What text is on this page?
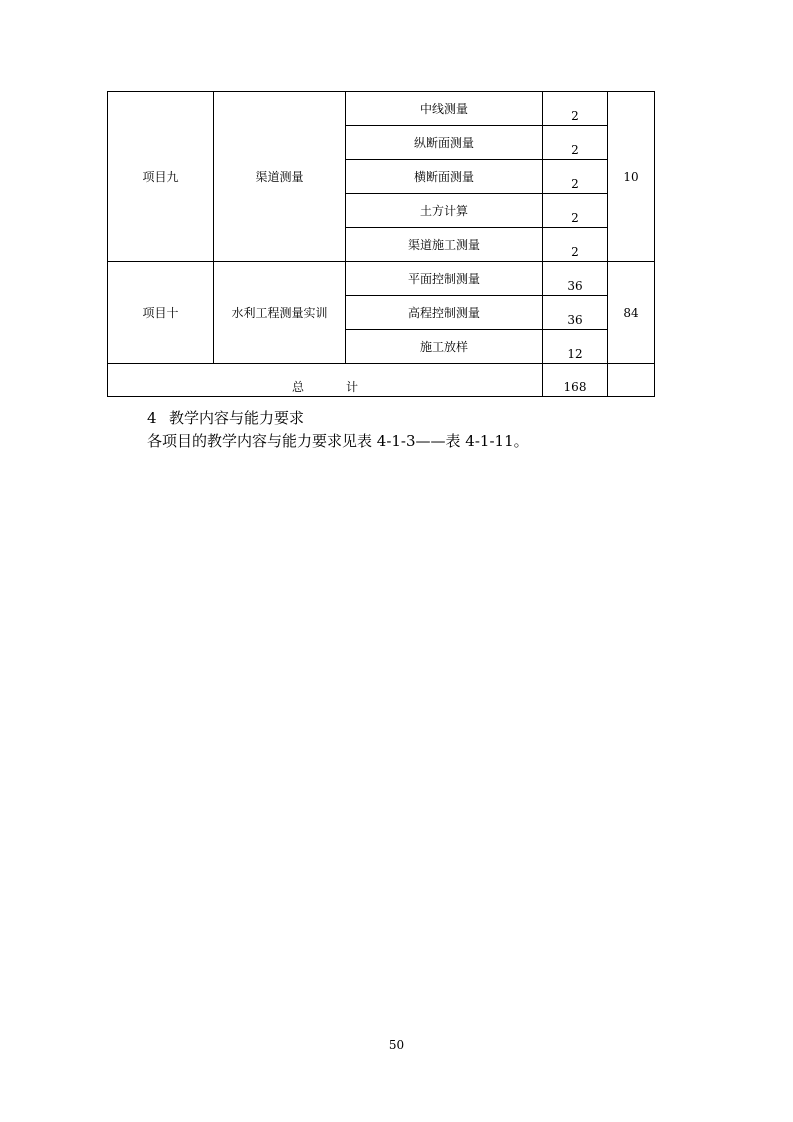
项目九	渠道测量	中线测量	2	10
		纵断面测量	2	
		横断面测量	2	
		土方计算	2	
		渠道施工测量	2	
项目十	水利工程测量实训	平面控制测量	36	84
		高程控制测量	36	
		施工放样	12	
总 计			168	
4 教学内容与能力要求
各项目的教学内容与能力要求见表 4-1-3——表 4-1-11。
50
